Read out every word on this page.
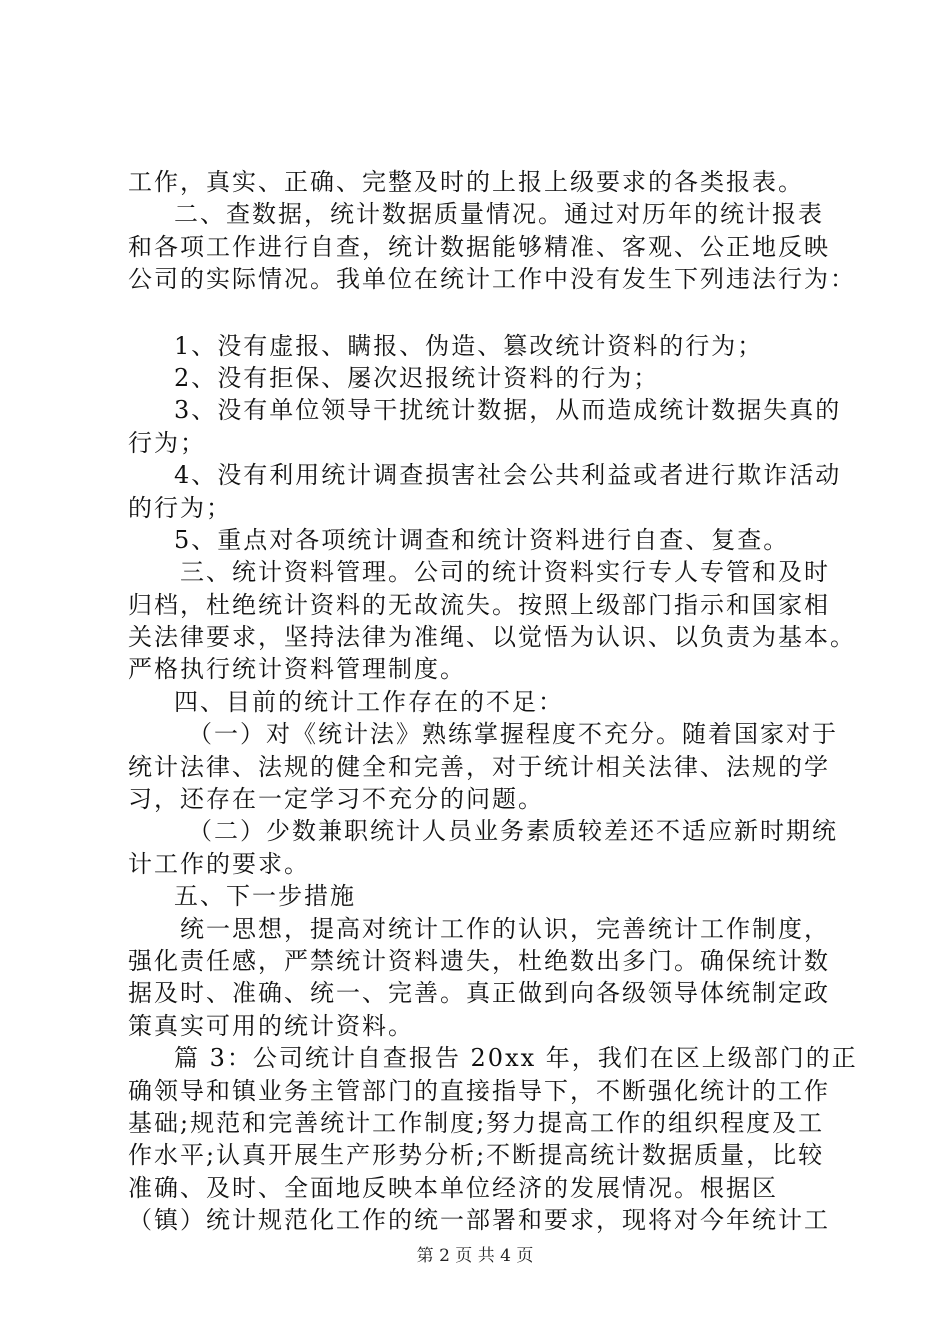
工作，真实、正确、完整及时的上报上级要求的各类报表。
二、查数据，统计数据质量情况。通过对历年的统计报表
和各项工作进行自查，统计数据能够精准、客观、公正地反映
公司的实际情况。我单位在统计工作中没有发生下列违法行为：
1、没有虚报、瞒报、伪造、篡改统计资料的行为；
2、没有拒保、屡次迟报统计资料的行为；
3、没有单位领导干扰统计数据，从而造成统计数据失真的
行为；
4、没有利用统计调查损害社会公共利益或者进行欺诈活动
的行为；
5、重点对各项统计调查和统计资料进行自查、复查。
三、统计资料管理。公司的统计资料实行专人专管和及时
归档，杜绝统计资料的无故流失。按照上级部门指示和国家相
关法律要求，坚持法律为准绳、以觉悟为认识、以负责为基本。
严格执行统计资料管理制度。
四、目前的统计工作存在的不足：
（一）对《统计法》熟练掌握程度不充分。随着国家对于
统计法律、法规的健全和完善，对于统计相关法律、法规的学
习，还存在一定学习不充分的问题。
（二）少数兼职统计人员业务素质较差还不适应新时期统
计工作的要求。
五、下一步措施
统一思想，提高对统计工作的认识，完善统计工作制度，
强化责任感，严禁统计资料遗失，杜绝数出多门。确保统计数
据及时、准确、统一、完善。真正做到向各级领导体统制定政
策真实可用的统计资料。
篇 3：公司统计自查报告 20xx 年，我们在区上级部门的正
确领导和镇业务主管部门的直接指导下，不断强化统计的工作
基础;规范和完善统计工作制度;努力提高工作的组织程度及工
作水平;认真开展生产形势分析;不断提高统计数据质量，比较
准确、及时、全面地反映本单位经济的发展情况。根据区
（镇）统计规范化工作的统一部署和要求，现将对今年统计工
第 2 页 共 4 页
